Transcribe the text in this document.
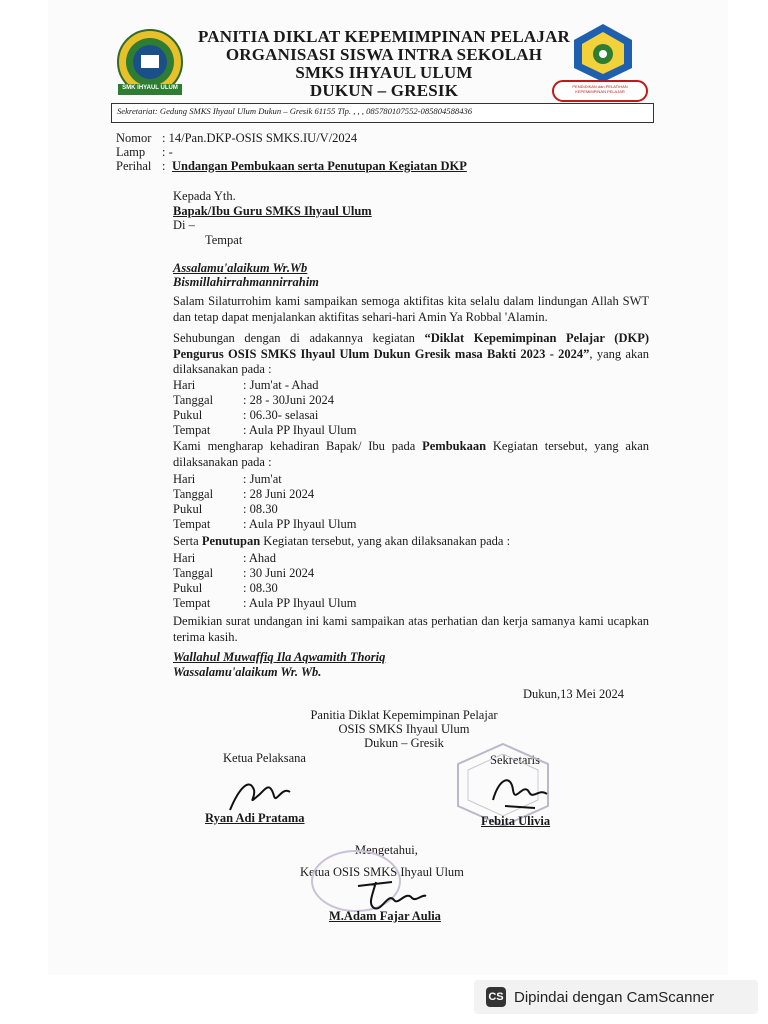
SMK IHYAUL ULUM	PENDIDIKAN dan PELATIHAN KEPEMIMPINAN PELAJAR
PANITIA DIKLAT KEPEMIMPINAN PELAJAR
ORGANISASI SISWA INTRA SEKOLAH
SMKS IHYAUL ULUM
DUKUN – GRESIK
Sekretariat: Gedung SMKS Ihyaul Ulum Dukun – Gresik 61155 Tlp. , , , 085780107552-085804588436
Nomor : 14/Pan.DKP-OSIS SMKS.IU/V/2024
Lamp : -
Perihal : Undangan Pembukaan serta Penutupan Kegiatan DKP
Kepada Yth.
Bapak/Ibu Guru SMKS Ihyaul Ulum
Di –
Tempat
Assalamu'alaikum Wr.Wb
Bismillahirrahmannirrahim
Salam Silaturrohim kami sampaikan semoga aktifitas kita selalu dalam lindungan Allah SWT dan tetap dapat menjalankan aktifitas sehari-hari Amin Ya Robbal 'Alamin.
Sehubungan dengan di adakannya kegiatan “Diklat Kepemimpinan Pelajar (DKP) Pengurus OSIS SMKS Ihyaul Ulum Dukun Gresik masa Bakti 2023 - 2024”, yang akan dilaksanakan pada :
Hari	: Jum'at - Ahad
Tanggal : 28 - 30Juni 2024
Pukul	: 06.30- selasai
Tempat	: Aula PP Ihyaul Ulum
Kami mengharap kehadiran Bapak/ Ibu pada Pembukaan Kegiatan tersebut, yang akan dilaksanakan pada :
Hari	: Jum'at
Tanggal : 28 Juni 2024
Pukul	: 08.30
Tempat	: Aula PP Ihyaul Ulum
Serta Penutupan Kegiatan tersebut, yang akan dilaksanakan pada :
Hari	: Ahad
Tanggal : 30 Juni 2024
Pukul	: 08.30
Tempat	: Aula PP Ihyaul Ulum
Demikian surat undangan ini kami sampaikan atas perhatian dan kerja samanya kami ucapkan terima kasih.
Wallahul Muwaffiq Ila Aqwamith Thoriq
Wassalamu'alaikum Wr. Wb.
Dukun,13 Mei 2024
Panitia Diklat Kepemimpinan Pelajar
OSIS SMKS Ihyaul Ulum
Dukun – Gresik
Ketua Pelaksana	Sekretaris
Ryan Adi Pratama	Febita Ulivia
Mengetahui,
Ketua OSIS SMKS Ihyaul Ulum
M.Adam Fajar Aulia
CS Dipindai dengan CamScanner
